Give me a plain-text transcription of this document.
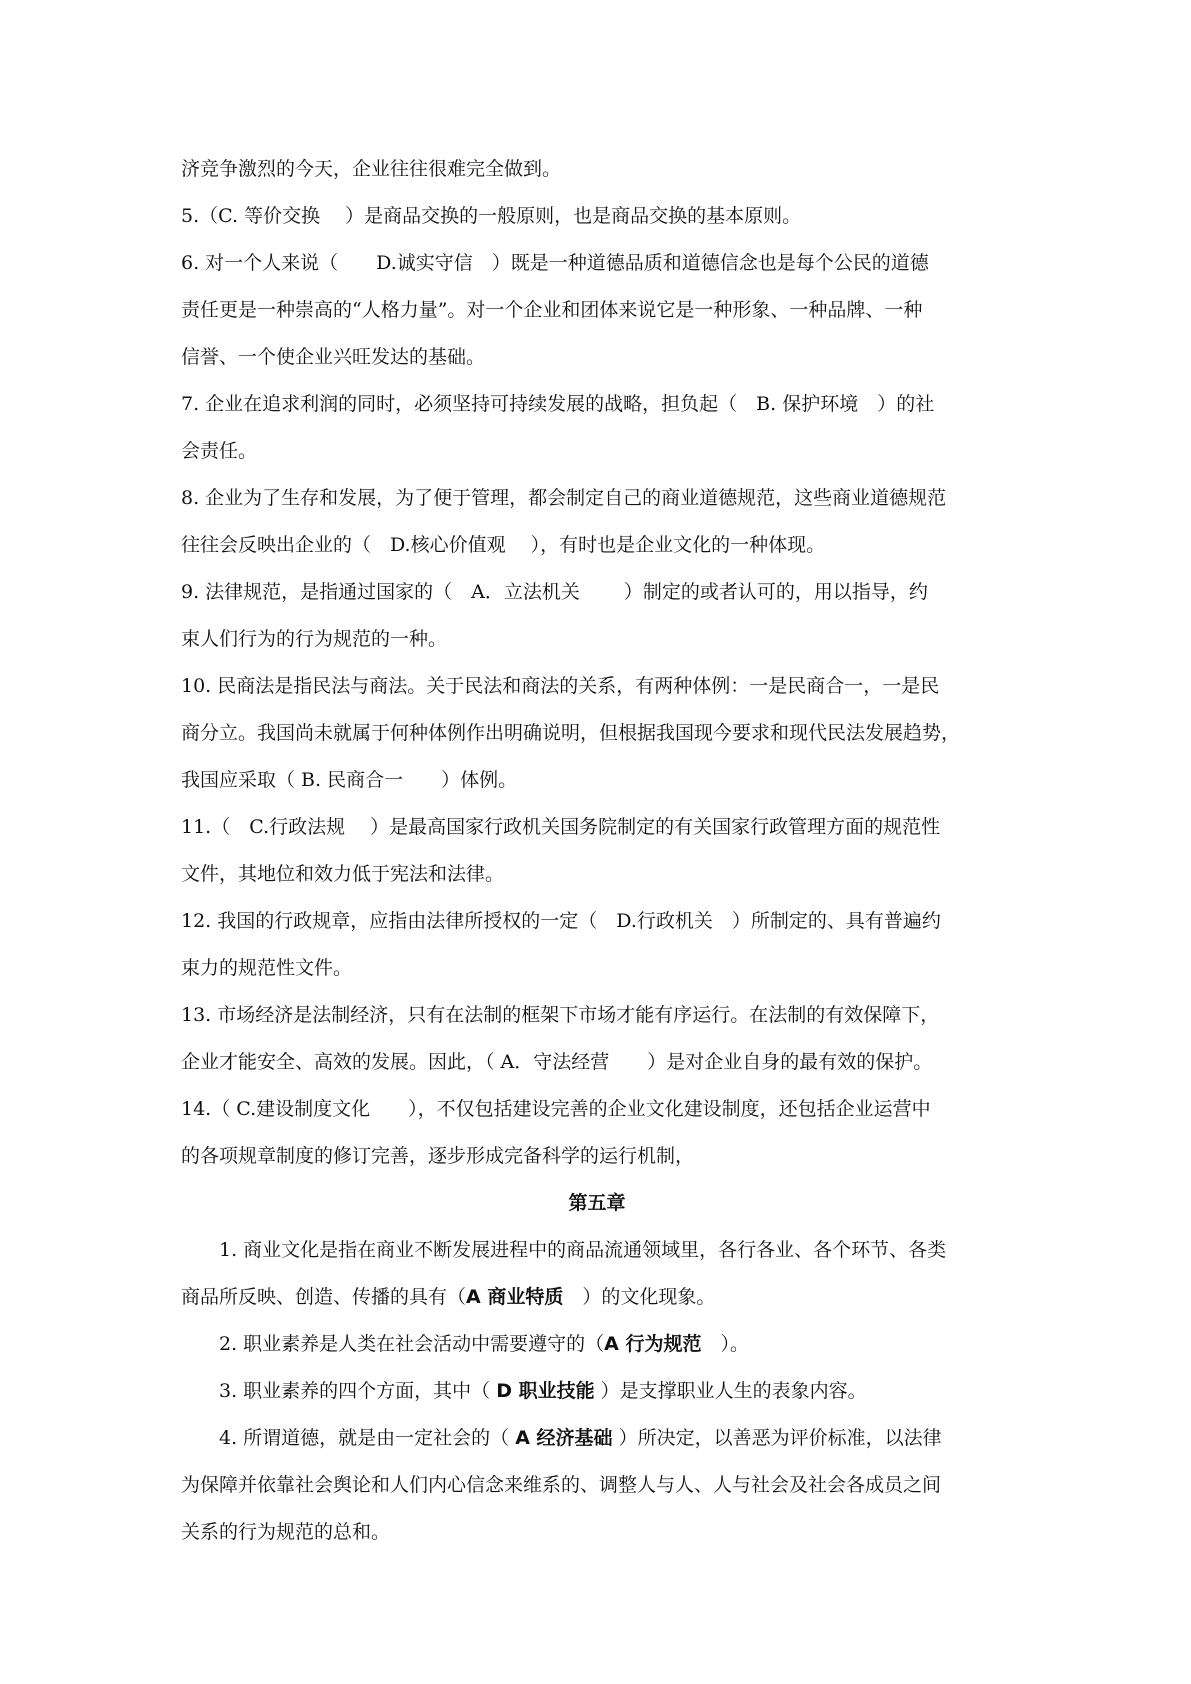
济竞争激烈的今天，企业往往很难完全做到。
5.（C. 等价交换　 ）是商品交换的一般原则，也是商品交换的基本原则。
6. 对一个人来说（　　D.诚实守信　）既是一种道德品质和道德信念也是每个公民的道德
责任更是一种崇高的“人格力量”。对一个企业和团体来说它是一种形象、一种品牌、一种
信誉、一个使企业兴旺发达的基础。
7. 企业在追求利润的同时，必须坚持可持续发展的战略，担负起（　B. 保护环境　）的社
会责任。
8. 企业为了生存和发展，为了便于管理，都会制定自己的商业道德规范，这些商业道德规范
往往会反映出企业的（　D.核心价值观　 ），有时也是企业文化的一种体现。
9. 法律规范，是指通过国家的（　A．立法机关　　 ）制定的或者认可的，用以指导，约
束人们行为的行为规范的一种。
10. 民商法是指民法与商法。关于民法和商法的关系，有两种体例：一是民商合一，一是民
商分立。我国尚未就属于何种体例作出明确说明，但根据我国现今要求和现代民法发展趋势，
我国应采取（ B. 民商合一　　）体例。
11.（　C.行政法规　 ）是最高国家行政机关国务院制定的有关国家行政管理方面的规范性
文件，其地位和效力低于宪法和法律。
12. 我国的行政规章，应指由法律所授权的一定（　D.行政机关　）所制定的、具有普遍约
束力的规范性文件。
13. 市场经济是法制经济，只有在法制的框架下市场才能有序运行。在法制的有效保障下，
企业才能安全、高效的发展。因此，（ A．守法经营　　）是对企业自身的最有效的保护。
14.（ C.建设制度文化　　），不仅包括建设完善的企业文化建设制度，还包括企业运营中
的各项规章制度的修订完善，逐步形成完备科学的运行机制，
第五章
1. 商业文化是指在商业不断发展进程中的商品流通领域里，各行各业、各个环节、各类
商品所反映、创造、传播的具有（A 商业特质　）的文化现象。
2. 职业素养是人类在社会活动中需要遵守的（A 行为规范　）。
3. 职业素养的四个方面，其中（ D 职业技能 ）是支撑职业人生的表象内容。
4. 所谓道德，就是由一定社会的（ A 经济基础 ）所决定，以善恶为评价标准，以法律
为保障并依靠社会舆论和人们内心信念来维系的、调整人与人、人与社会及社会各成员之间
关系的行为规范的总和。
